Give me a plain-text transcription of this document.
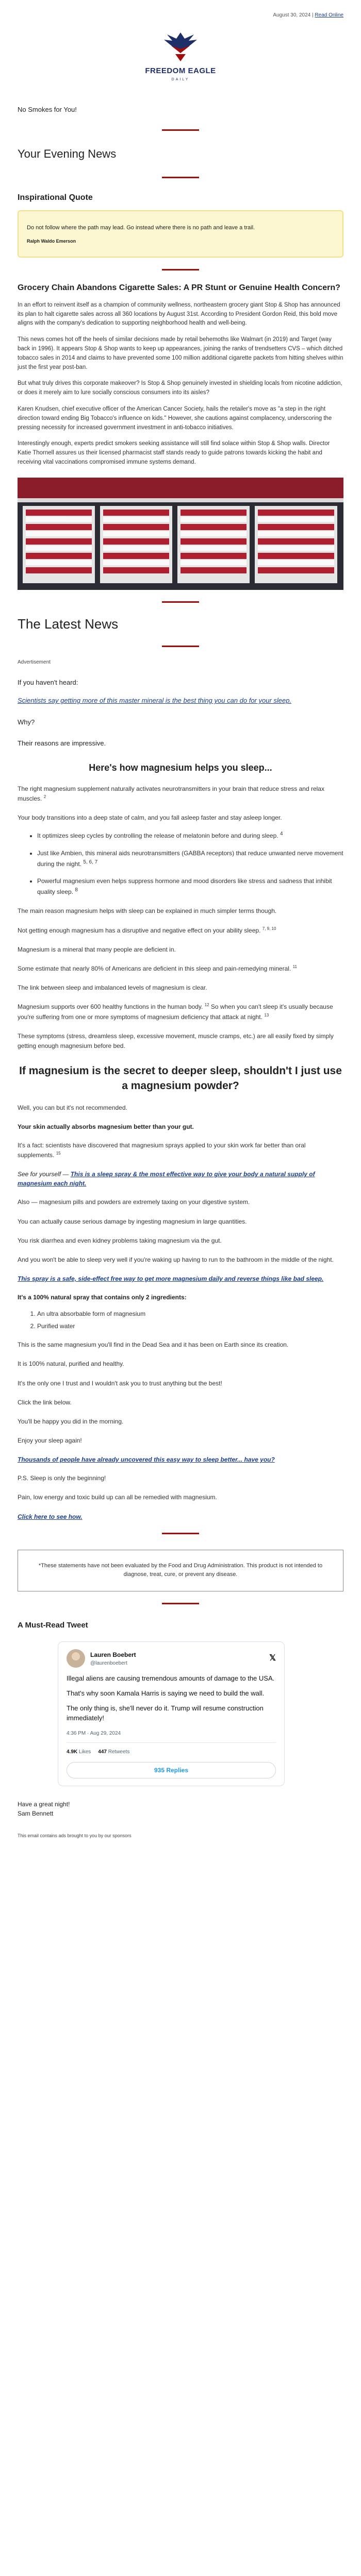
August 30, 2024 | Read Online
FREEDOM EAGLE
DAILY
No Smokes for You!
Your Evening News
Inspirational Quote
Do not follow where the path may lead. Go instead where there is no path and leave a trail.
Ralph Waldo Emerson
Grocery Chain Abandons Cigarette Sales: A PR Stunt or Genuine Health Concern?

In an effort to reinvent itself as a champion of community wellness, northeastern grocery giant Stop & Shop has announced its plan to halt cigarette sales across all 360 locations by August 31st. According to President Gordon Reid, this bold move aligns with the company's dedication to supporting neighborhood health and well-being.

This news comes hot off the heels of similar decisions made by retail behemoths like Walmart (in 2019) and Target (way back in 1996). It appears Stop & Shop wants to keep up appearances, joining the ranks of trendsetters CVS – which ditched tobacco sales in 2014 and claims to have prevented some 100 million additional cigarette packets from hitting shelves within just the first year post-ban.

But what truly drives this corporate makeover? Is Stop & Shop genuinely invested in shielding locals from nicotine addiction, or does it merely aim to lure socially conscious consumers into its aisles?

Karen Knudsen, chief executive officer of the American Cancer Society, hails the retailer's move as "a step in the right direction toward ending Big Tobacco's influence on kids." However, she cautions against complacency, underscoring the pressing necessity for increased government investment in anti-tobacco initiatives.

Interestingly enough, experts predict smokers seeking assistance will still find solace within Stop & Shop walls. Director Katie Thornell assures us their licensed pharmacist staff stands ready to guide patrons towards kicking the habit and receiving vital vaccinations compromised immune systems demand.

The Latest News
Advertisement
If you haven't heard:
Scientists say getting more of this master mineral is the best thing you can do for your sleep.
Why?
Their reasons are impressive.
Here's how magnesium helps you sleep...

The right magnesium supplement naturally activates neurotransmitters in your brain that reduce stress and relax muscles. $^2$

Your body transitions into a deep state of calm, and you fall asleep faster and stay asleep longer.

• It optimizes sleep cycles by controlling the release of melatonin before and during sleep. $^4$
• Just like Ambien, this mineral aids neurotransmitters (GABBA receptors) that reduce unwanted nerve movement during the night. $^{5, 6, 7}$
• Powerful magnesium even helps suppress hormone and mood disorders like stress and sadness that inhibit quality sleep. $^8$

The main reason magnesium helps with sleep can be explained in much simpler terms though.

Not getting enough magnesium has a disruptive and negative effect on your ability sleep. $^{7, 9, 10}$

Magnesium is a mineral that many people are deficient in.

Some estimate that nearly 80% of Americans are deficient in this sleep and pain-remedying mineral. $^{11}$

The link between sleep and imbalanced levels of magnesium is clear.

Magnesium supports over 600 healthy functions in the human body. $^{12}$ So when you can't sleep it's usually because you're suffering from one or more symptoms of magnesium deficiency that attack at night. $^{13}$

These symptoms (stress, dreamless sleep, excessive movement, muscle cramps, etc.) are all easily fixed by simply getting enough magnesium before bed.

If magnesium is the secret to deeper sleep, shouldn't I just use a magnesium powder?

Well, you can but it's not recommended.

Your skin actually absorbs magnesium better than your gut.

It's a fact: scientists have discovered that magnesium sprays applied to your skin work far better than oral supplements. $^{15}$

See for yourself — This is a sleep spray & the most effective way to give your body a natural supply of magnesium each night.

Also — magnesium pills and powders are extremely taxing on your digestive system.

You can actually cause serious damage by ingesting magnesium in large quantities.

You risk diarrhea and even kidney problems taking magnesium via the gut.

And you won't be able to sleep very well if you're waking up having to run to the bathroom in the middle of the night.

This spray is a safe, side-effect free way to get more magnesium daily and reverse things like bad sleep.

It's a 100% natural spray that contains only 2 ingredients:

1. An ultra absorbable form of magnesium
2. Purified water

This is the same magnesium you'll find in the Dead Sea and it has been on Earth since its creation.

It is 100% natural, purified and healthy.

It's the only one I trust and I wouldn't ask you to trust anything but the best!

Click the link below.

You'll be happy you did in the morning.

Enjoy your sleep again!

Thousands of people have already uncovered this easy way to sleep better... have you?

P.S. Sleep is only the beginning!

Pain, low energy and toxic build up can all be remedied with magnesium.

Click here to see how.

*These statements have not been evaluated by the Food and Drug Administration. This product is not intended to diagnose, treat, cure, or prevent any disease.
A Must-Read Tweet
Lauren Boebert
@laurenboebert
𝕏

Illegal aliens are causing tremendous amounts of damage to the USA.

That's why soon Kamala Harris is saying we need to build the wall.

The only thing is, she'll never do it. Trump will resume construction immediately!

4:36 PM · Aug 29, 2024
4.9K Likes 447 Retweets
935 Replies
Have a great night!
Sam Bennett
This email contains ads brought to you by our sponsors
